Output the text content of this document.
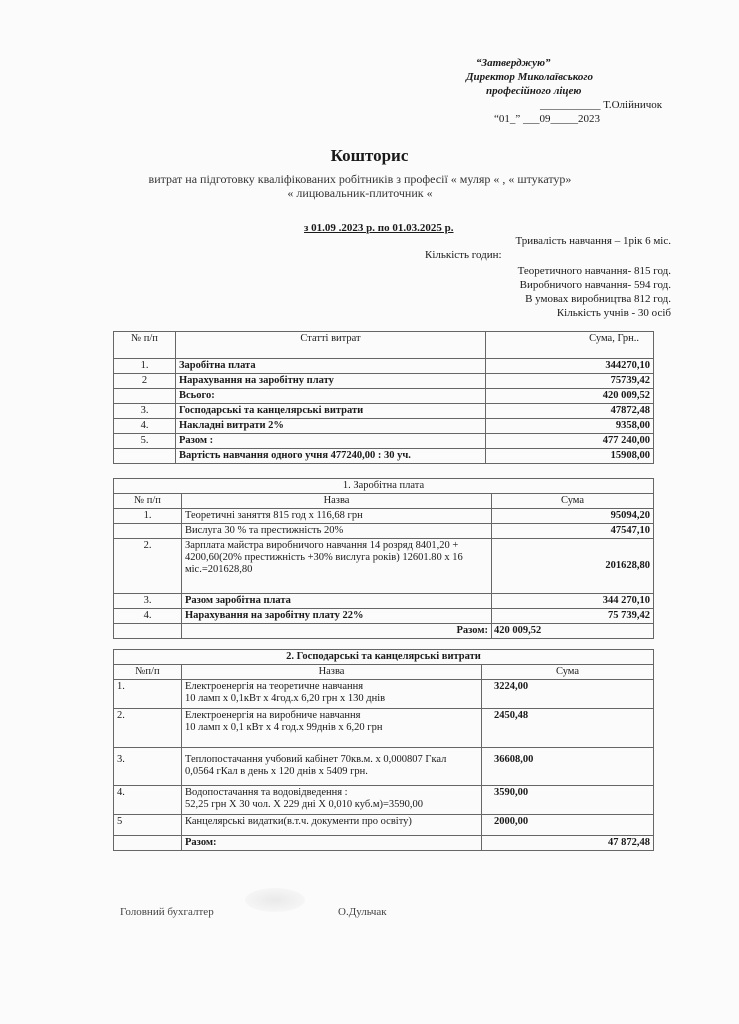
“Затверджую”
Директор Миколаївського
професійного ліцею
___________ Т.Олійничок
“01_” ___09_____2023
Кошторис
витрат на підготовку кваліфікованих робітників з професії « муляр « , « штукатур»
« лицювальник-плиточник «
з 01.09 .2023 р. по 01.03.2025 р.
Тривалість навчання – 1рік 6 міс.
Кількість годин:
Теоретичного навчання- 815 год.
Виробничого навчання- 594 год.
В умовах виробництва 812 год.
Кількість учнів - 30 осіб
№ п/п	Статті витрат	Сума, Грн..
1.	Заробітна плата	344270,10
2	Нарахування на заробітну плату	75739,42
	Всього:	420 009,52
3.	Господарські та канцелярські витрати	47872,48
4.	Накладні витрати 2%	9358,00
5.	Разом :	477 240,00
	Вартість навчання одного учня 477240,00 : 30 уч.	15908,00
1. Заробітна плата		
№ п/п	Назва	Сума
1.	Теоретичні заняття 815 год х 116,68 грн	95094,20
	Вислуга 30 % та престижність 20%	47547,10
2.	Зарплата майстра виробничого навчання 14 розряд 8401,20 + 4200,60(20% престижність +30% вислуга років) 12601.80 х 16 міс.=201628,80	201628,80
3.	Разом заробітна плата	344 270,10
4.	Нарахування на заробітну плату 22%	75 739,42
	Разом:	420 009,52
2. Господарські та канцелярські витрати		
№п/п	Назва	Сума
1.	Електроенергія на теоретичне навчання
10 ламп х 0,1кВт х 4год.х 6,20 грн х 130 днів	3224,00
2.	Електроенергія на виробниче навчання
10 ламп х 0,1 кВт х 4 год.х 99днів х 6,20 грн	2450,48
3.	Теплопостачання учбовий кабінет 70кв.м. х 0,000807 Гкал
0,0564 гКал в день х 120 днів х 5409 грн.	36608,00
4.	Водопостачання та водовідведення :
52,25 грн Х 30 чол. Х 229 дні Х 0,010 куб.м)=3590,00	3590,00
5	Канцелярські видатки(в.т.ч. документи про освіту)	2000,00
	Разом:	47 872,48
Головний бухгалтер	О.Дульчак
